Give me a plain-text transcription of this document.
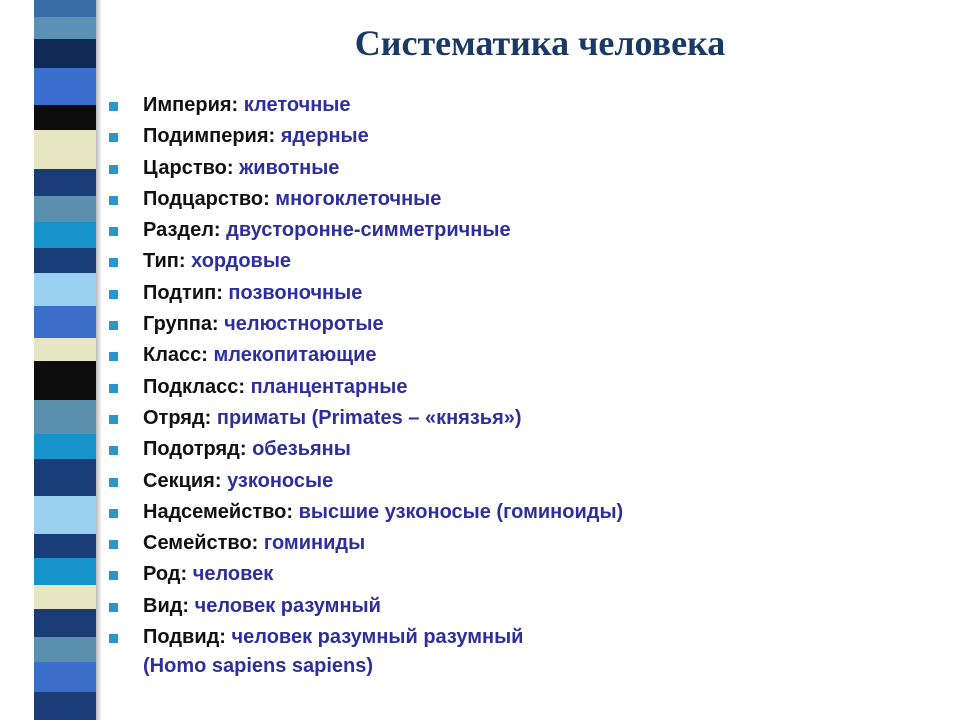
Систематика человека
Империя: клеточные
Подимперия: ядерные
Царство: животные
Подцарство: многоклеточные
Раздел: двусторонне-симметричные
Тип: хордовые
Подтип: позвоночные
Группа: челюстноротые
Класс: млекопитающие
Подкласс: планцентарные
Отряд: приматы (Primates – «князья»)
Подотряд: обезьяны
Секция: узконосые
Надсемейство: высшие узконосые (гоминоиды)
Семейство: гоминиды
Род: человек
Вид: человек разумный
Подвид: человек разумный разумный
(Homo sapiens sapiens)
